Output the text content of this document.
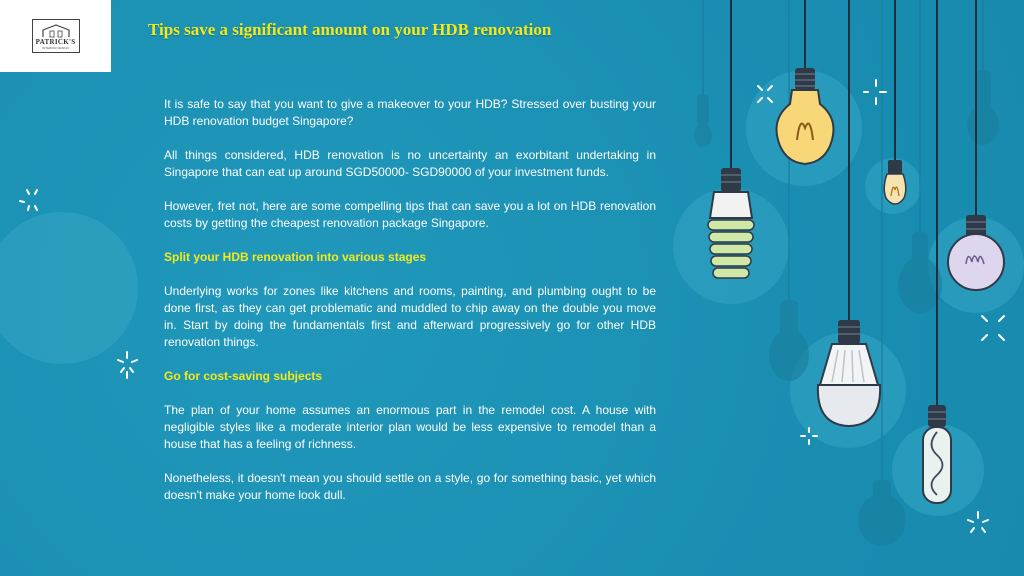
PATRICK'S
INTERIOR DESIGN
Tips save a significant amount on your HDB renovation

It is safe to say that you want to give a makeover to your HDB? Stressed over busting your HDB renovation budget Singapore?

All things considered, HDB renovation is no uncertainty an exorbitant undertaking in Singapore that can eat up around SGD50000- SGD90000 of your investment funds.

However, fret not, here are some compelling tips that can save you a lot on HDB renovation costs by getting the cheapest renovation package Singapore.

Split your HDB renovation into various stages

Underlying works for zones like kitchens and rooms, painting, and plumbing ought to be done first, as they can get problematic and muddled to chip away on the double you move in. Start by doing the fundamentals first and afterward progressively go for other HDB renovation things.

Go for cost-saving subjects

The plan of your home assumes an enormous part in the remodel cost. A house with negligible styles like a moderate interior plan would be less expensive to remodel than a house that has a feeling of richness.

Nonetheless, it doesn't mean you should settle on a style, go for something basic, yet which doesn't make your home look dull.
